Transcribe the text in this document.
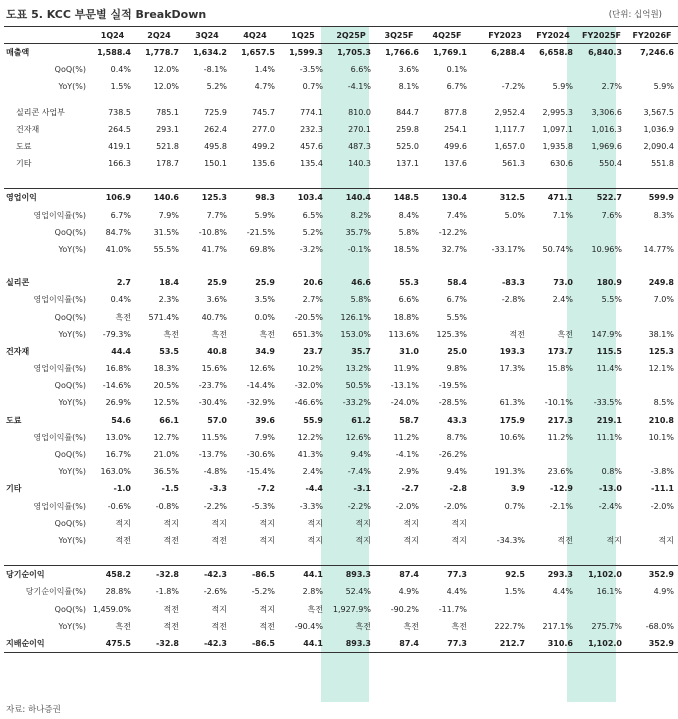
도표 5. KCC 부문별 실적 BreakDown	(단위: 십억원)
	1Q24	2Q24	3Q24	4Q24	1Q25	2Q25P	3Q25F	4Q25F		FY2023	FY2024	FY2025F	FY2026F
매출액	1,588.4	1,778.7	1,634.2	1,657.5	1,599.3	1,705.3	1,766.6	1,769.1		6,288.4	6,658.8	6,840.3	7,246.6
QoQ(%)	0.4%	12.0%	-8.1%	1.4%	-3.5%	6.6%	3.6%	0.1%					
YoY(%)	1.5%	12.0%	5.2%	4.7%	0.7%	-4.1%	8.1%	6.7%		-7.2%	5.9%	2.7%	5.9%

실리콘 사업부	738.5	785.1	725.9	745.7	774.1	810.0	844.7	877.8		2,952.4	2,995.3	3,306.6	3,567.5
건자재	264.5	293.1	262.4	277.0	232.3	270.1	259.8	254.1		1,117.7	1,097.1	1,016.3	1,036.9
도료	419.1	521.8	495.8	499.2	457.6	487.3	525.0	499.6		1,657.0	1,935.8	1,969.6	2,090.4
기타	166.3	178.7	150.1	135.6	135.4	140.3	137.1	137.6		561.3	630.6	550.4	551.8

영업이익	106.9	140.6	125.3	98.3	103.4	140.4	148.5	130.4		312.5	471.1	522.7	599.9
영업이익률(%)	6.7%	7.9%	7.7%	5.9%	6.5%	8.2%	8.4%	7.4%		5.0%	7.1%	7.6%	8.3%
QoQ(%)	84.7%	31.5%	-10.8%	-21.5%	5.2%	35.7%	5.8%	-12.2%					
YoY(%)	41.0%	55.5%	41.7%	69.8%	-3.2%	-0.1%	18.5%	32.7%		-33.17%	50.74%	10.96%	14.77%

실리콘	2.7	18.4	25.9	25.9	20.6	46.6	55.3	58.4		-83.3	73.0	180.9	249.8
영업이익률(%)	0.4%	2.3%	3.6%	3.5%	2.7%	5.8%	6.6%	6.7%		-2.8%	2.4%	5.5%	7.0%
QoQ(%)	흑전	571.4%	40.7%	0.0%	-20.5%	126.1%	18.8%	5.5%					
YoY(%)	-79.3%	흑전	흑전	흑전	651.3%	153.0%	113.6%	125.3%		적전	흑전	147.9%	38.1%
건자재	44.4	53.5	40.8	34.9	23.7	35.7	31.0	25.0		193.3	173.7	115.5	125.3
영업이익률(%)	16.8%	18.3%	15.6%	12.6%	10.2%	13.2%	11.9%	9.8%		17.3%	15.8%	11.4%	12.1%
QoQ(%)	-14.6%	20.5%	-23.7%	-14.4%	-32.0%	50.5%	-13.1%	-19.5%					
YoY(%)	26.9%	12.5%	-30.4%	-32.9%	-46.6%	-33.2%	-24.0%	-28.5%		61.3%	-10.1%	-33.5%	8.5%
도료	54.6	66.1	57.0	39.6	55.9	61.2	58.7	43.3		175.9	217.3	219.1	210.8
영업이익률(%)	13.0%	12.7%	11.5%	7.9%	12.2%	12.6%	11.2%	8.7%		10.6%	11.2%	11.1%	10.1%
QoQ(%)	16.7%	21.0%	-13.7%	-30.6%	41.3%	9.4%	-4.1%	-26.2%					
YoY(%)	163.0%	36.5%	-4.8%	-15.4%	2.4%	-7.4%	2.9%	9.4%		191.3%	23.6%	0.8%	-3.8%
기타	-1.0	-1.5	-3.3	-7.2	-4.4	-3.1	-2.7	-2.8		3.9	-12.9	-13.0	-11.1
영업이익률(%)	-0.6%	-0.8%	-2.2%	-5.3%	-3.3%	-2.2%	-2.0%	-2.0%		0.7%	-2.1%	-2.4%	-2.0%
QoQ(%)	적지	적지	적지	적지	적지	적지	적지	적지					
YoY(%)	적전	적전	적전	적지	적지	적지	적지	적지		-34.3%	적전	적지	적지

당기순이익	458.2	-32.8	-42.3	-86.5	44.1	893.3	87.4	77.3		92.5	293.3	1,102.0	352.9
당기순이익률(%)	28.8%	-1.8%	-2.6%	-5.2%	2.8%	52.4%	4.9%	4.4%		1.5%	4.4%	16.1%	4.9%
QoQ(%)	1,459.0%	적전	적지	적지	흑전	1,927.9%	-90.2%	-11.7%					
YoY(%)	흑전	적전	적전	적전	-90.4%	흑전	흑전	흑전		222.7%	217.1%	275.7%	-68.0%
지배순이익	475.5	-32.8	-42.3	-86.5	44.1	893.3	87.4	77.3		212.7	310.6	1,102.0	352.9
자료: 하나증권
